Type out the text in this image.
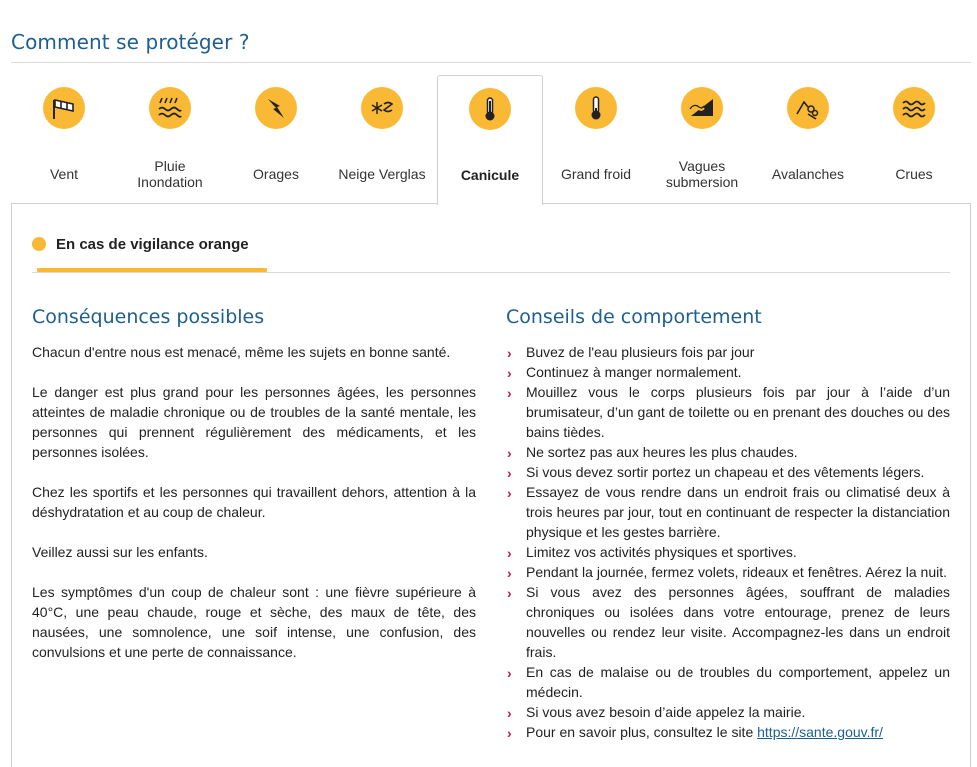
Comment se protéger ?
Vent	Pluie
Inondation	Orages	Neige Verglas	Canicule	Grand froid	Vagues
submersion	Avalanches	Crues
En cas de vigilance orange
Conséquences possibles

Chacun d'entre nous est menacé, même les sujets en bonne santé.

Le danger est plus grand pour les personnes âgées, les personnes atteintes de maladie chronique ou de troubles de la santé mentale, les personnes qui prennent régulièrement des médicaments, et les personnes isolées.

Chez les sportifs et les personnes qui travaillent dehors, attention à la déshydratation et au coup de chaleur.

Veillez aussi sur les enfants.

Les symptômes d'un coup de chaleur sont : une fièvre supérieure à 40°C, une peau chaude, rouge et sèche, des maux de tête, des nausées, une somnolence, une soif intense, une confusion, des convulsions et une perte de connaissance.

Conseils de comportement
› Buvez de l'eau plusieurs fois par jour
› Continuez à manger normalement.
› Mouillez vous le corps plusieurs fois par jour à l’aide d’un brumisateur, d’un gant de toilette ou en prenant des douches ou des bains tièdes.
› Ne sortez pas aux heures les plus chaudes.
› Si vous devez sortir portez un chapeau et des vêtements légers.
› Essayez de vous rendre dans un endroit frais ou climatisé deux à trois heures par jour, tout en continuant de respecter la distanciation physique et les gestes barrière.
› Limitez vos activités physiques et sportives.
› Pendant la journée, fermez volets, rideaux et fenêtres. Aérez la nuit.
› Si vous avez des personnes âgées, souffrant de maladies chroniques ou isolées dans votre entourage, prenez de leurs nouvelles ou rendez leur visite. Accompagnez-les dans un endroit frais.
› En cas de malaise ou de troubles du comportement, appelez un médecin.
› Si vous avez besoin d’aide appelez la mairie.
› Pour en savoir plus, consultez le site https://sante.gouv.fr/
